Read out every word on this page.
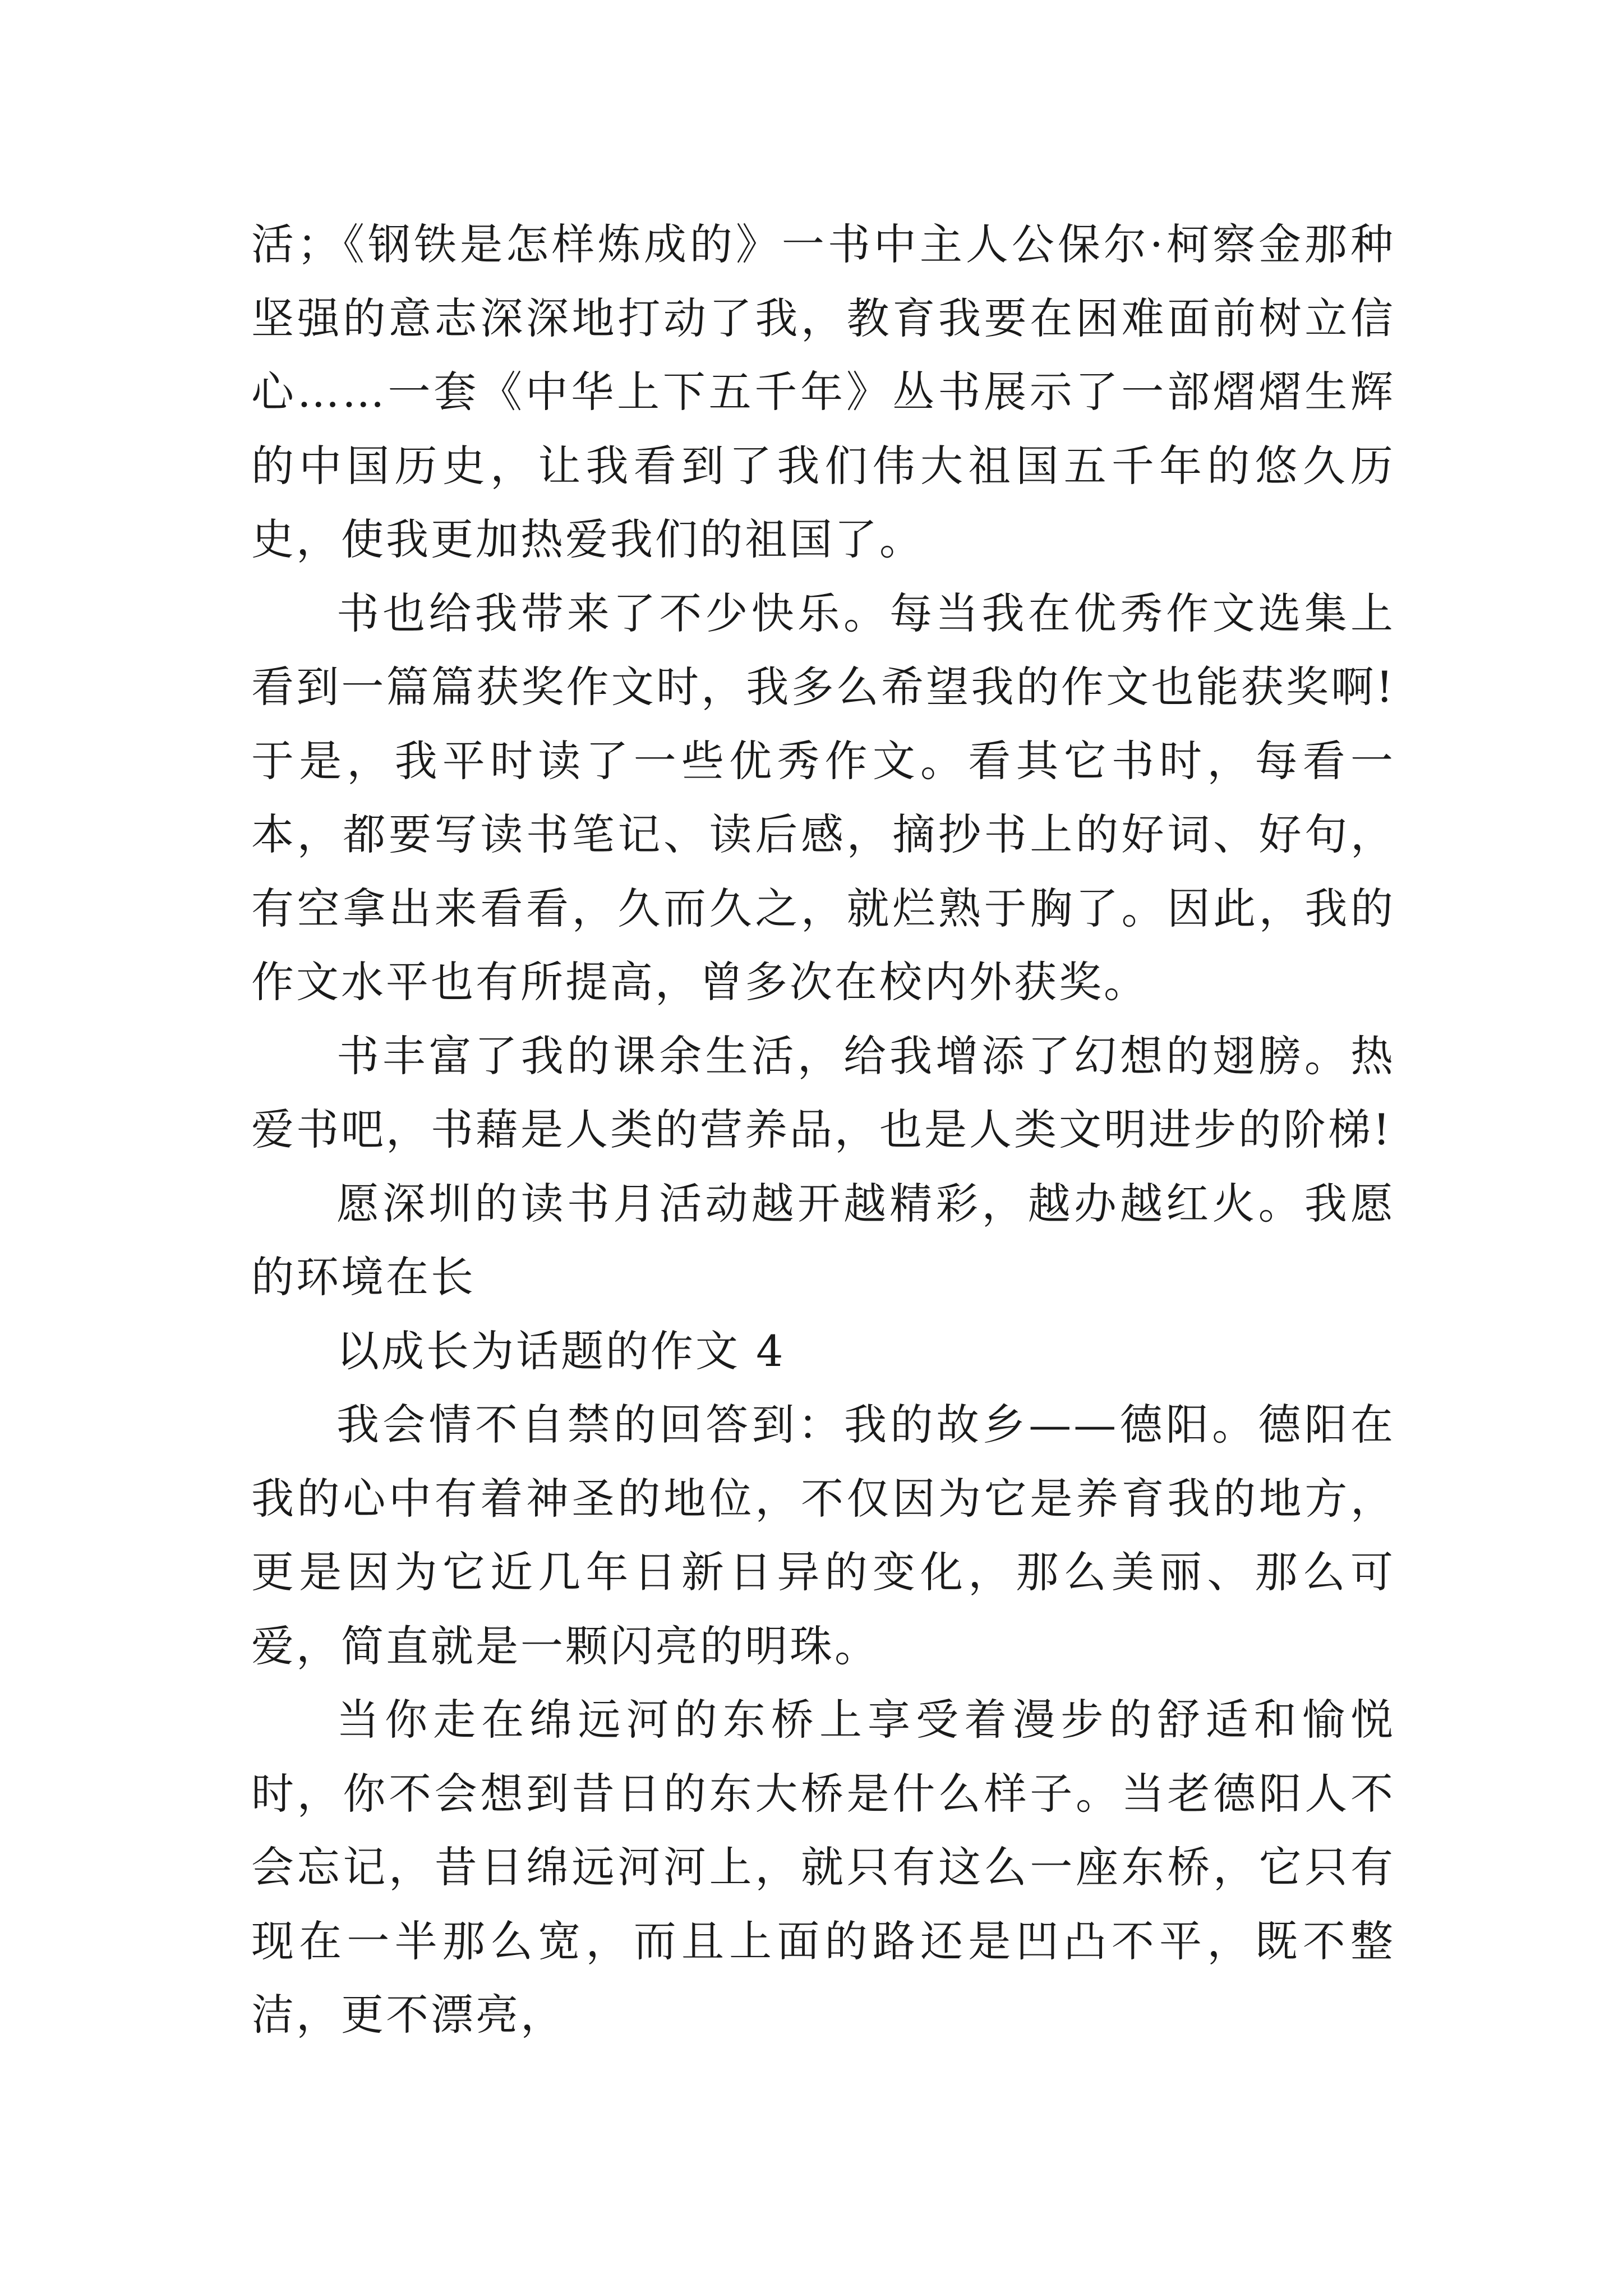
活；《钢铁是怎样炼成的》一书中主人公保尔·柯察金那种坚强的意志深深地打动了我，教育我要在困难面前树立信心……一套《中华上下五千年》丛书展示了一部熠熠生辉的中国历史，让我看到了我们伟大祖国五千年的悠久历史，使我更加热爱我们的祖国了。

书也给我带来了不少快乐。每当我在优秀作文选集上看到一篇篇获奖作文时，我多么希望我的作文也能获奖啊!于是，我平时读了一些优秀作文。看其它书时，每看一本，都要写读书笔记、读后感，摘抄书上的好词、好句，有空拿出来看看，久而久之，就烂熟于胸了。因此，我的作文水平也有所提高，曾多次在校内外获奖。

书丰富了我的课余生活，给我增添了幻想的翅膀。热爱书吧，书藉是人类的营养品，也是人类文明进步的阶梯!

愿深圳的读书月活动越开越精彩，越办越红火。我愿的环境在长

以成长为话题的作文 4

我会情不自禁的回答到：我的故乡——德阳。德阳在我的心中有着神圣的地位，不仅因为它是养育我的地方，更是因为它近几年日新日异的变化，那么美丽、那么可爱，简直就是一颗闪亮的明珠。

当你走在绵远河的东桥上享受着漫步的舒适和愉悦时，你不会想到昔日的东大桥是什么样子。当老德阳人不会忘记，昔日绵远河河上，就只有这么一座东桥，它只有现在一半那么宽，而且上面的路还是凹凸不平，既不整洁，更不漂亮，
